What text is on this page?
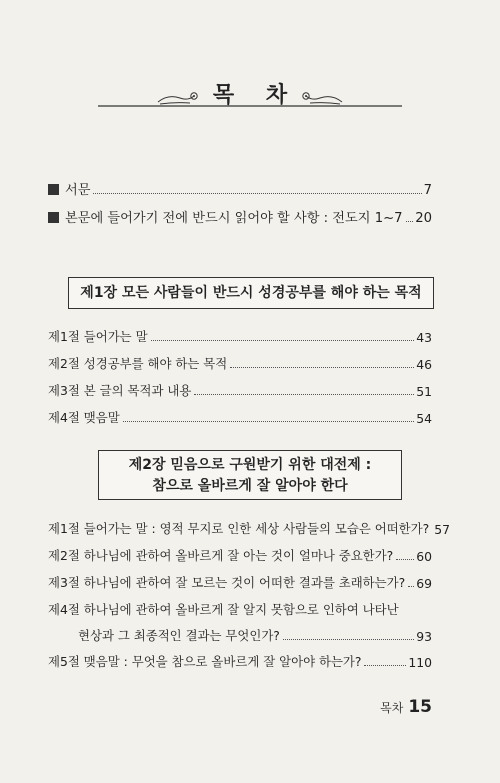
목 차
서문	7
본문에 들어가기 전에 반드시 읽어야 할 사항 : 전도지 1~7 20
제1장 모든 사람들이 반드시 성경공부를 해야 하는 목적
제1절 들어가는 말	43
제2절 성경공부를 해야 하는 목적	46
제3절 본 글의 목적과 내용	51
제4절 맺음말	54
제2장 믿음으로 구원받기 위한 대전제 :
참으로 올바르게 잘 알아야 한다
제1절 들어가는 말 : 영적 무지로 인한 세상 사람들의 모습은 어떠한가? 57
제2절 하나님에 관하여 올바르게 잘 아는 것이 얼마나 중요한가? 60
제3절 하나님에 관하여 잘 모르는 것이 어떠한 결과를 초래하는가? 69
제4절 하나님에 관하여 올바르게 잘 알지 못함으로 인하여 나타난
현상과 그 최종적인 결과는 무엇인가?	93
제5절 맺음말 : 무엇을 참으로 올바르게 잘 알아야 하는가?	110
목차 15
